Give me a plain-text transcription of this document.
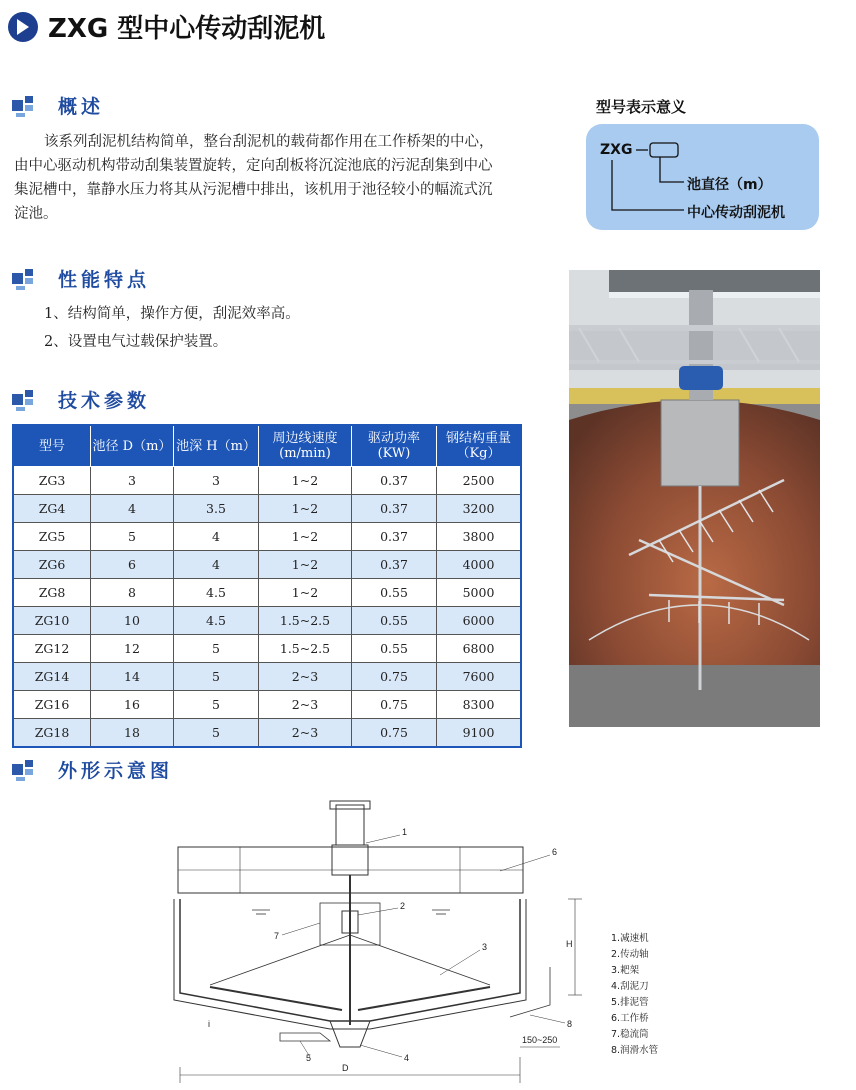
ZXG 型中心传动刮泥机
概述
该系列刮泥机结构简单，整台刮泥机的载荷都作用在工作桥架的中心，
由中心驱动机构带动刮集装置旋转，定向刮板将沉淀池底的污泥刮集到中心
集泥槽中，靠静水压力将其从污泥槽中排出，该机用于池径较小的幅流式沉
淀池。
型号表示意义
ZXG
池直径（m）
中心传动刮泥机
性能特点
1、结构简单，操作方便，刮泥效率高。
2、设置电气过载保护装置。
技术参数
型号	池径 D（m）	池深 H（m）	周边线速度 (m/min)	驱动功率 (KW)	钢结构重量 （Kg）
ZG3	3	3	1~2	0.37	2500
ZG4	4	3.5	1~2	0.37	3200
ZG5	5	4	1~2	0.37	3800
ZG6	6	4	1~2	0.37	4000
ZG8	8	4.5	1~2	0.55	5000
ZG10	10	4.5	1.5~2.5	0.55	6000
ZG12	12	5	1.5~2.5	0.55	6800
ZG14	14	5	2~3	0.75	7600
ZG16	16	5	2~3	0.75	8300
ZG18	18	5	2~3	0.75	9100
外形示意图
1
2
3
4
5
6
7
8
H
D
150~250
i
1.减速机
2.传动轴
3.耙架
4.刮泥刀
5.排泥管
6.工作桥
7.稳流筒
8.润滑水管
